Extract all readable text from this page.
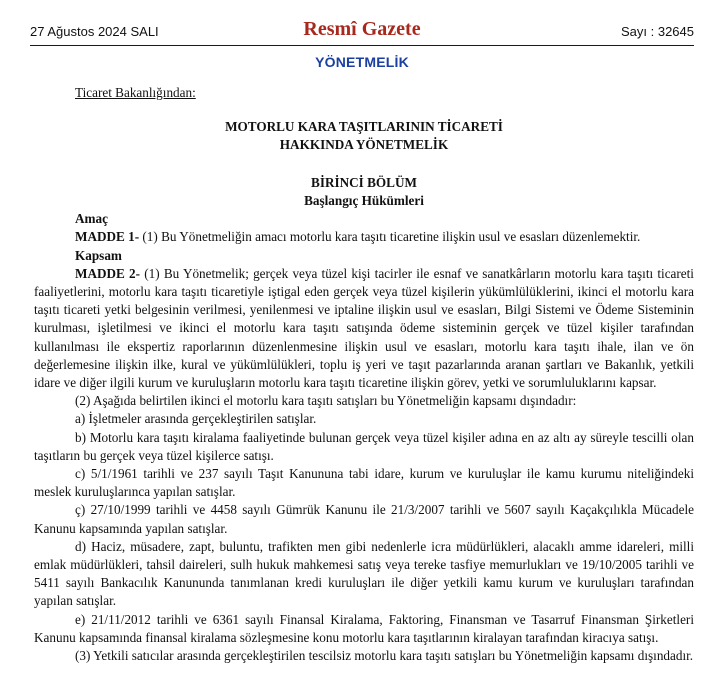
27 Ağustos 2024 SALI	Resmî Gazete	Sayı : 32645
YÖNETMELİK
Ticaret Bakanlığından:
MOTORLU KARA TAŞITLARININ TİCARETİ
HAKKINDA YÖNETMELİK
BİRİNCİ BÖLÜM
Başlangıç Hükümleri
Amaç

MADDE 1- (1) Bu Yönetmeliğin amacı motorlu kara taşıtı ticaretine ilişkin usul ve esasları düzenlemektir.

Kapsam

MADDE 2- (1) Bu Yönetmelik; gerçek veya tüzel kişi tacirler ile esnaf ve sanatkârların motorlu kara taşıtı ticareti faaliyetlerini, motorlu kara taşıtı ticaretiyle iştigal eden gerçek veya tüzel kişilerin yükümlülüklerini, ikinci el motorlu kara taşıtı ticareti yetki belgesinin verilmesi, yenilenmesi ve iptaline ilişkin usul ve esasları, Bilgi Sistemi ve Ödeme Sisteminin kurulması, işletilmesi ve ikinci el motorlu kara taşıtı satışında ödeme sisteminin gerçek ve tüzel kişiler tarafından kullanılması ile ekspertiz raporlarının düzenlenmesine ilişkin usul ve esasları, motorlu kara taşıtı ihale, ilan ve ön değerlemesine ilişkin ilke, kural ve yükümlülükleri, toplu iş yeri ve taşıt pazarlarında aranan şartları ve Bakanlık, yetkili idare ve diğer ilgili kurum ve kuruluşların motorlu kara taşıtı ticaretine ilişkin görev, yetki ve sorumluluklarını kapsar.

(2) Aşağıda belirtilen ikinci el motorlu kara taşıtı satışları bu Yönetmeliğin kapsamı dışındadır:

a) İşletmeler arasında gerçekleştirilen satışlar.

b) Motorlu kara taşıtı kiralama faaliyetinde bulunan gerçek veya tüzel kişiler adına en az altı ay süreyle tescilli olan taşıtların bu gerçek veya tüzel kişilerce satışı.

c) 5/1/1961 tarihli ve 237 sayılı Taşıt Kanununa tabi idare, kurum ve kuruluşlar ile kamu kurumu niteliğindeki meslek kuruluşlarınca yapılan satışlar.

ç) 27/10/1999 tarihli ve 4458 sayılı Gümrük Kanunu ile 21/3/2007 tarihli ve 5607 sayılı Kaçakçılıkla Mücadele Kanunu kapsamında yapılan satışlar.

d) Haciz, müsadere, zapt, buluntu, trafikten men gibi nedenlerle icra müdürlükleri, alacaklı amme idareleri, milli emlak müdürlükleri, tahsil daireleri, sulh hukuk mahkemesi satış veya tereke tasfiye memurlukları ve 19/10/2005 tarihli ve 5411 sayılı Bankacılık Kanununda tanımlanan kredi kuruluşları ile diğer yetkili kamu kurum ve kuruluşları tarafından yapılan satışlar.

e) 21/11/2012 tarihli ve 6361 sayılı Finansal Kiralama, Faktoring, Finansman ve Tasarruf Finansman Şirketleri Kanunu kapsamında finansal kiralama sözleşmesine konu motorlu kara taşıtlarının kiralayan tarafından kiracıya satışı.

(3) Yetkili satıcılar arasında gerçekleştirilen tescilsiz motorlu kara taşıtı satışları bu Yönetmeliğin kapsamı dışındadır.
